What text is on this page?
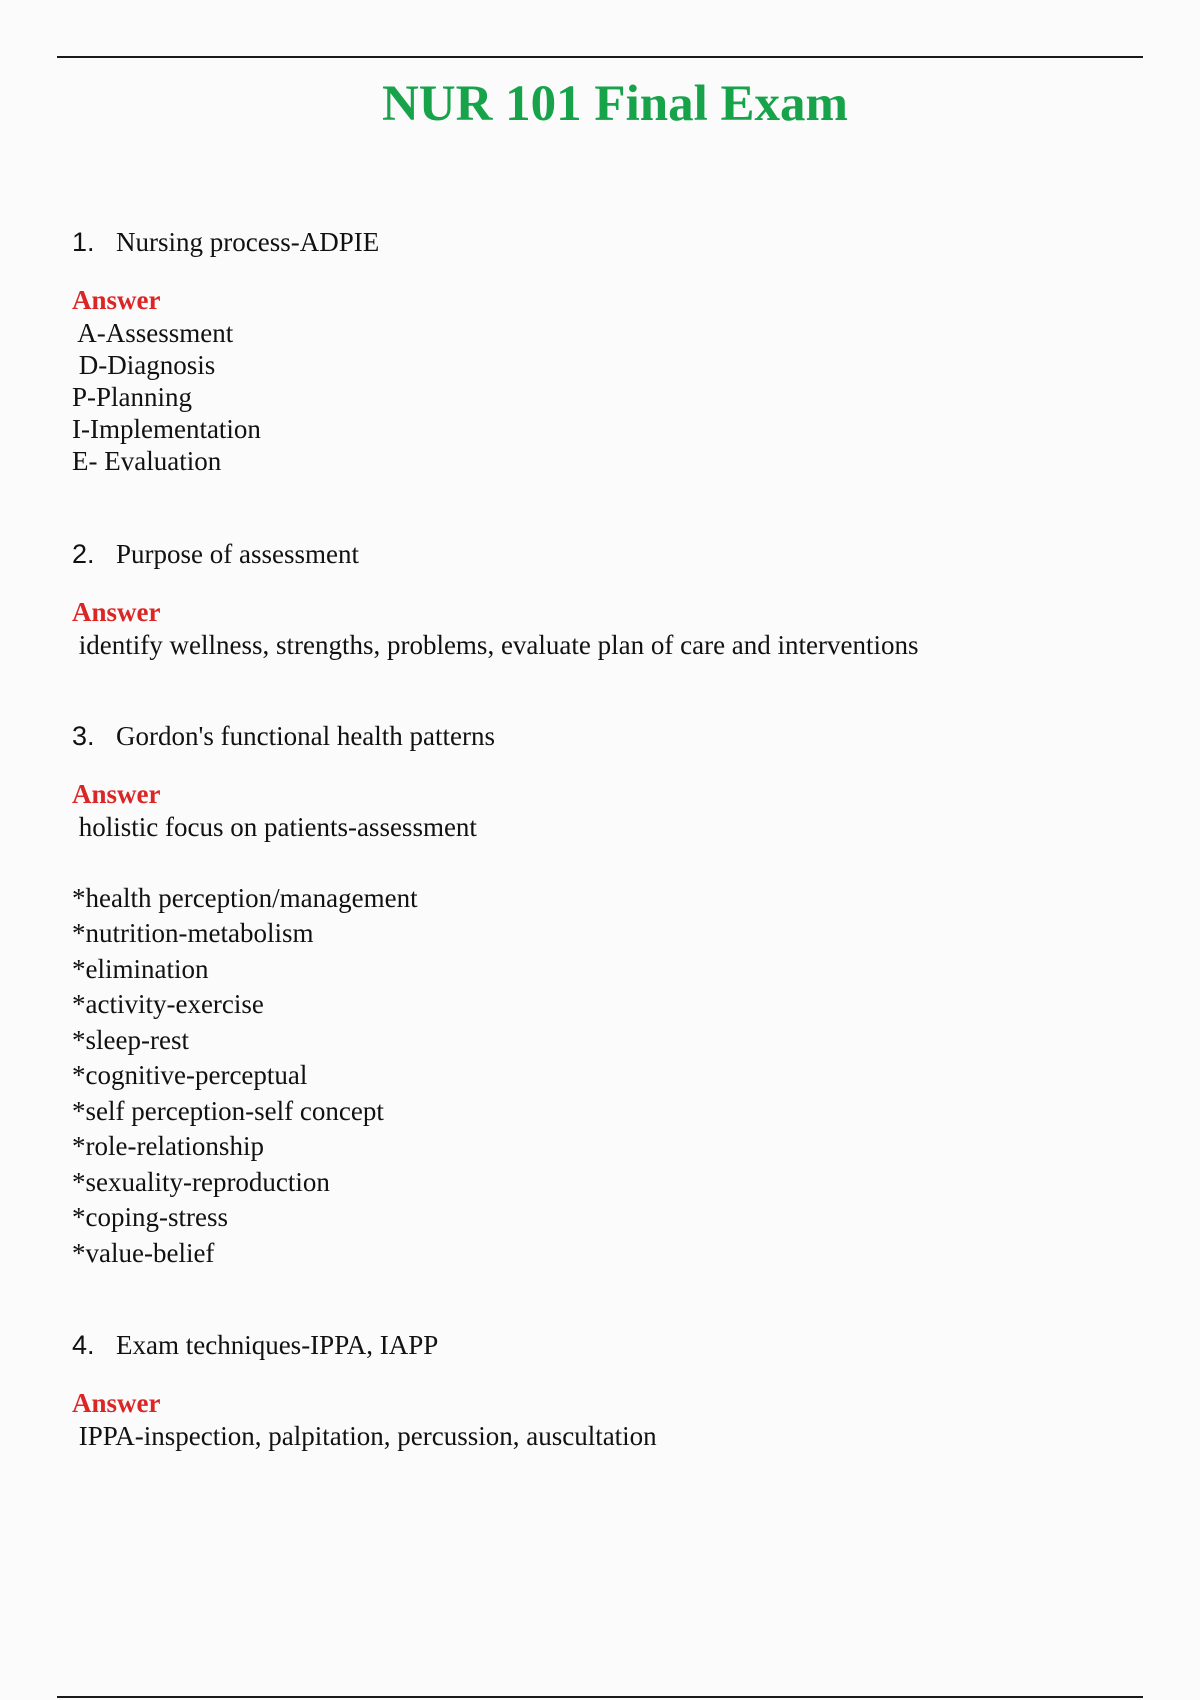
NUR 101 Final Exam
1. Nursing process-ADPIE
Answer
A-Assessment
D-Diagnosis
P-Planning
I-Implementation
E- Evaluation
2. Purpose of assessment
Answer
identify wellness, strengths, problems, evaluate plan of care and interventions
3. Gordon's functional health patterns
Answer
holistic focus on patients-assessment
*health perception/management
*nutrition-metabolism
*elimination
*activity-exercise
*sleep-rest
*cognitive-perceptual
*self perception-self concept
*role-relationship
*sexuality-reproduction
*coping-stress
*value-belief
4. Exam techniques-IPPA, IAPP
Answer
IPPA-inspection, palpitation, percussion, auscultation
